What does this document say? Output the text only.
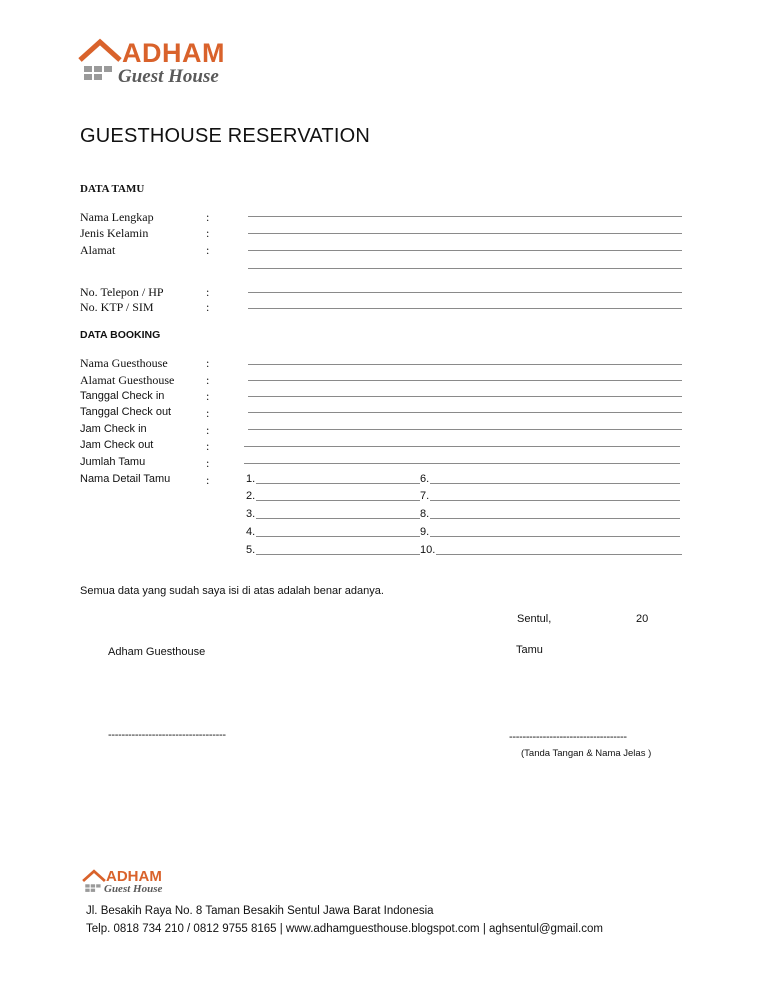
ADHAM
Guest House
GUESTHOUSE RESERVATION
DATA TAMU
Nama Lengkap	:
Jenis Kelamin	:
Alamat	:
No. Telepon / HP	:
No. KTP / SIM	:
DATA BOOKING
Nama Guesthouse	:
Alamat Guesthouse	:
Tanggal Check in	:
Tanggal Check out	:
Jam Check in	:
Jam Check out	:
Jumlah Tamu	:
Nama Detail Tamu	:	1.
2.
3.
4.
5.
6.
7.
8.
9.
10.
Semua data yang sudah saya isi di atas adalah benar adanya.
Sentul,	20
Adham Guesthouse	Tamu
-----------------------------------	-----------------------------------
(Tanda Tangan & Nama Jelas )
ADHAM
Guest House
Jl. Besakih Raya No. 8 Taman Besakih Sentul Jawa Barat Indonesia
Telp. 0818 734 210 / 0812 9755 8165 | www.adhamguesthouse.blogspot.com | aghsentul@gmail.com
